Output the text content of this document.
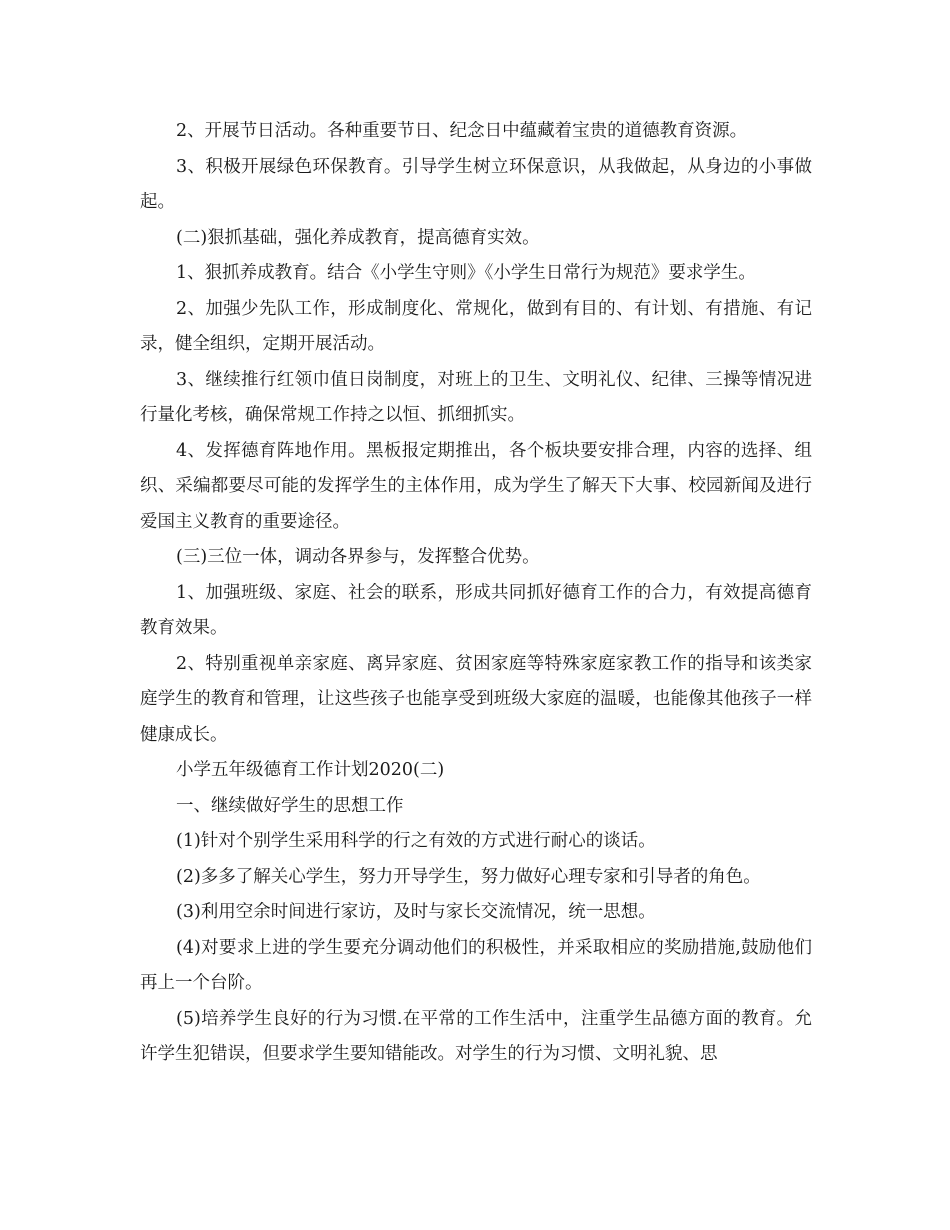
2、开展节日活动。各种重要节日、纪念日中蕴藏着宝贵的道德教育资源。

3、积极开展绿色环保教育。引导学生树立环保意识，从我做起，从身边的小事做起。

(二)狠抓基础，强化养成教育，提高德育实效。

1、狠抓养成教育。结合《小学生守则》《小学生日常行为规范》要求学生。

2、加强少先队工作，形成制度化、常规化，做到有目的、有计划、有措施、有记录，健全组织，定期开展活动。

3、继续推行红领巾值日岗制度，对班上的卫生、文明礼仪、纪律、三操等情况进行量化考核，确保常规工作持之以恒、抓细抓实。

4、发挥德育阵地作用。黑板报定期推出，各个板块要安排合理，内容的选择、组织、采编都要尽可能的发挥学生的主体作用，成为学生了解天下大事、校园新闻及进行爱国主义教育的重要途径。

(三)三位一体，调动各界参与，发挥整合优势。

1、加强班级、家庭、社会的联系，形成共同抓好德育工作的合力，有效提高德育教育效果。

2、特别重视单亲家庭、离异家庭、贫困家庭等特殊家庭家教工作的指导和该类家庭学生的教育和管理，让这些孩子也能享受到班级大家庭的温暖，也能像其他孩子一样健康成长。

小学五年级德育工作计划2020(二)

一、继续做好学生的思想工作

(1)针对个别学生采用科学的行之有效的方式进行耐心的谈话。

(2)多多了解关心学生，努力开导学生，努力做好心理专家和引导者的角色。

(3)利用空余时间进行家访，及时与家长交流情况，统一思想。

(4)对要求上进的学生要充分调动他们的积极性，并采取相应的奖励措施,鼓励他们再上一个台阶。

(5)培养学生良好的行为习惯.在平常的工作生活中，注重学生品德方面的教育。允许学生犯错误，但要求学生要知错能改。对学生的行为习惯、文明礼貌、思
